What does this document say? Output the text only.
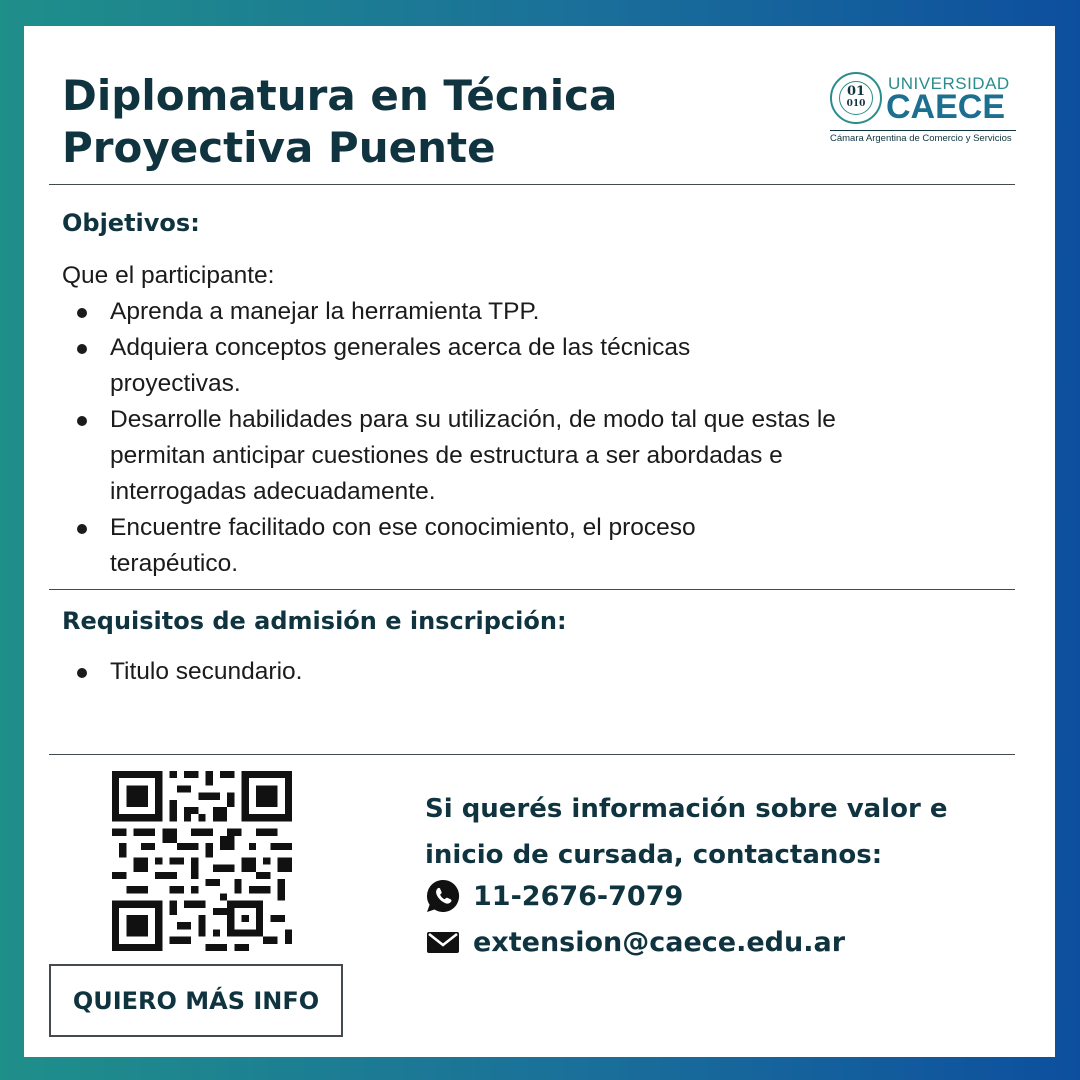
Diplomatura en Técnica Proyectiva Puente
01
010
UNIVERSIDAD
CAECE
Cámara Argentina de Comercio y Servicios
Objetivos:

Que el participante:

Aprenda a manejar la herramienta TPP.
Adquiera conceptos generales acerca de las técnicas proyectivas.
Desarrolle habilidades para su utilización, de modo tal que estas le permitan anticipar cuestiones de estructura a ser abordadas e interrogadas adecuadamente.
Encuentre facilitado con ese conocimiento, el proceso terapéutico.
Requisitos de admisión e inscripción:
Titulo secundario.

Si querés información sobre valor e inicio de cursada, contactanos:

11-2676-7079
extension@caece.edu.ar
QUIERO MÁS INFO
